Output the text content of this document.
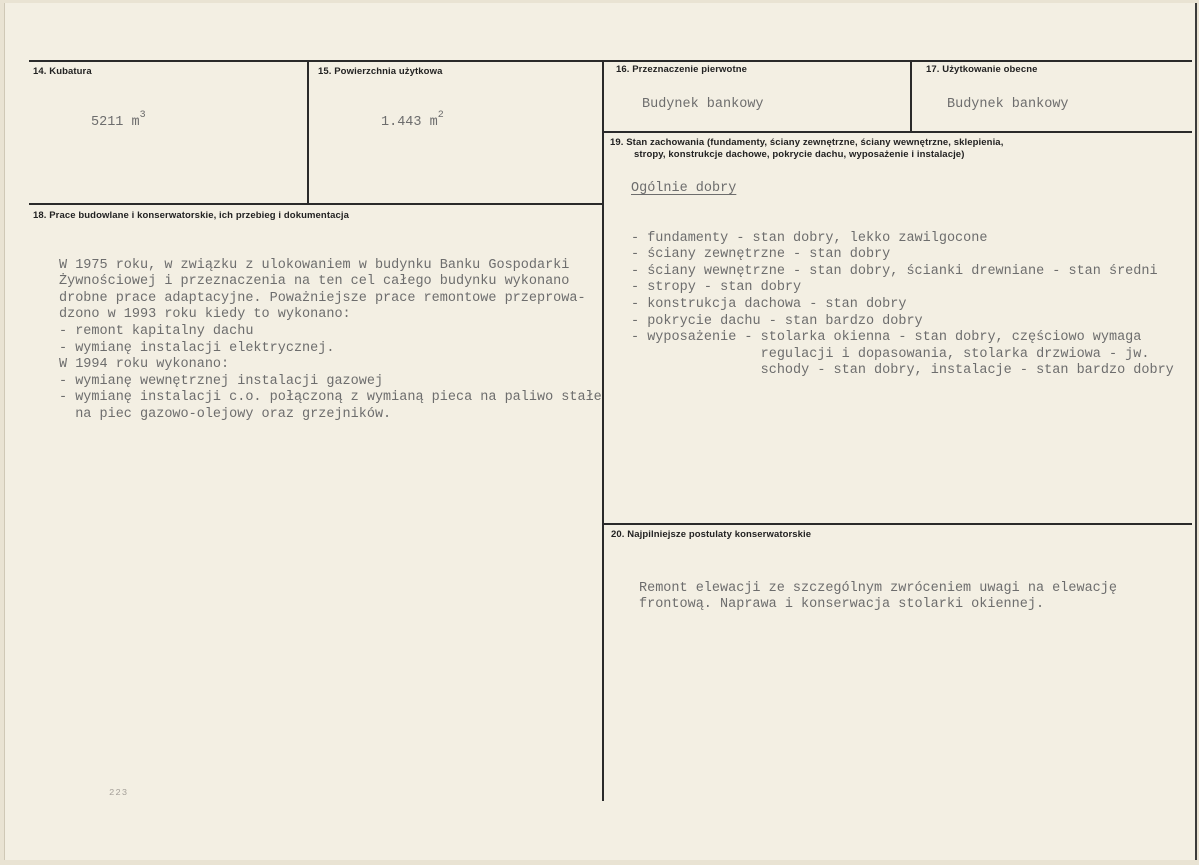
14. Kubatura
5211 $m^3$
15. Powierzchnia użytkowa
1.443 $m^2$
16. Przeznaczenie pierwotne
Budynek bankowy
17. Użytkowanie obecne
Budynek bankowy
18. Prace budowlane i konserwatorskie, ich przebieg i dokumentacja

W 1975 roku, w związku z ulokowaniem w budynku Banku Gospodarki
Żywnościowej i przeznaczenia na ten cel całego budynku wykonano
drobne prace adaptacyjne. Poważniejsze prace remontowe przeprowa-
dzono w 1993 roku kiedy to wykonano:
- remont kapitalny dachu
- wymianę instalacji elektrycznej.
W 1994 roku wykonano:
- wymianę wewnętrznej instalacji gazowej
- wymianę instalacji c.o. połączoną z wymianą pieca na paliwo stałe
na piec gazowo-olejowy oraz grzejników.

19. Stan zachowania (fundamenty, ściany zewnętrzne, ściany wewnętrzne, sklepienia,
stropy, konstrukcje dachowe, pokrycie dachu, wyposażenie i instalacje)
Ogólnie dobry

- fundamenty - stan dobry, lekko zawilgocone
- ściany zewnętrzne - stan dobry
- ściany wewnętrzne - stan dobry, ścianki drewniane - stan średni
- stropy - stan dobry
- konstrukcja dachowa - stan dobry
- pokrycie dachu - stan bardzo dobry
- wyposażenie - stolarka okienna - stan dobry, częściowo wymaga
regulacji i dopasowania, stolarka drzwiowa - jw.
schody - stan dobry, instalacje - stan bardzo dobry

20. Najpilniejsze postulaty konserwatorskie

Remont elewacji ze szczególnym zwróceniem uwagi na elewację
frontową. Naprawa i konserwacja stolarki okiennej.

223
